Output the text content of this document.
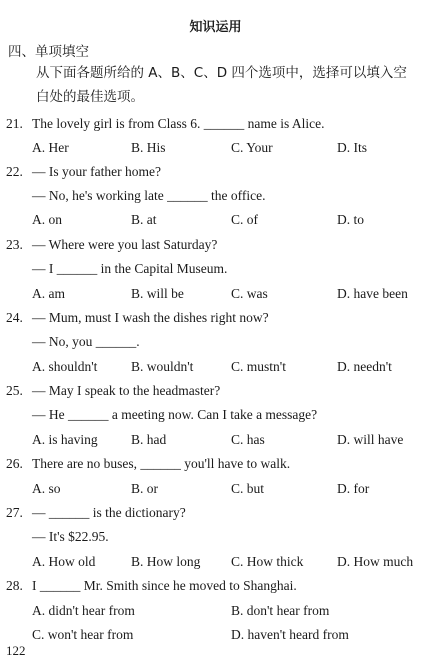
知识运用
四、单项填空
从下面各题所给的 A、B、C、D 四个选项中，选择可以填入空
白处的最佳选项。
21. The lovely girl is from Class 6. ______ name is Alice.
A. Her	B. His	C. Your	D. Its
22. — Is your father home?
— No, he's working late ______ the office.
A. on	B. at	C. of	D. to
23. — Where were you last Saturday?
— I ______ in the Capital Museum.
A. am	B. will be	C. was	D. have been
24. — Mum, must I wash the dishes right now?
— No, you ______.
A. shouldn't B. wouldn't	C. mustn't	D. needn't
25. — May I speak to the headmaster?
— He ______ a meeting now. Can I take a message?
A. is having B. had	C. has	D. will have
26. There are no buses, ______ you'll have to walk.
A. so	B. or	C. but	D. for
27. — ______ is the dictionary?
— It's $22.95.
A. How old	B. How long C. How thick D. How much
28. I ______ Mr. Smith since he moved to Shanghai.
A. didn't hear from	B. don't hear from
C. won't hear from	D. haven't heard from
122
